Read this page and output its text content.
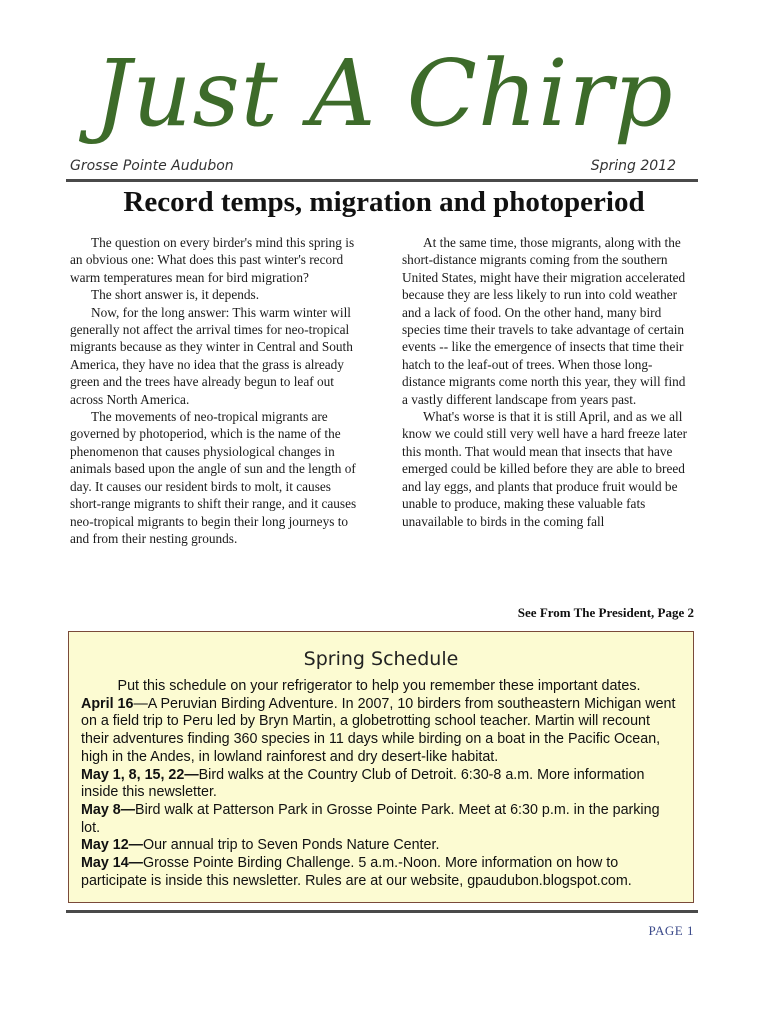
Just A Chirp
Grosse Pointe Audubon	Spring 2012
Record temps, migration and photoperiod

The question on every birder's mind this spring is an obvious one: What does this past winter's record warm temperatures mean for bird migration?

The short answer is, it depends.

Now, for the long answer: This warm winter will generally not affect the arrival times for neo-tropical migrants because as they winter in Central and South America, they have no idea that the grass is already green and the trees have already begun to leaf out across North America.

The movements of neo-tropical migrants are governed by photoperiod, which is the name of the phenomenon that causes physiological changes in animals based upon the angle of sun and the length of day. It causes our resident birds to molt, it causes short-range migrants to shift their range, and it causes neo-tropical migrants to begin their long journeys to and from their nesting grounds.

At the same time, those migrants, along with the short-distance migrants coming from the southern United States, might have their migration accelerated because they are less likely to run into cold weather and a lack of food. On the other hand, many bird species time their travels to take advantage of certain events -- like the emergence of insects that time their hatch to the leaf-out of trees. When those long-distance migrants come north this year, they will find a vastly different landscape from years past.

What's worse is that it is still April, and as we all know we could still very well have a hard freeze later this month. That would mean that insects that have emerged could be killed before they are able to breed and lay eggs, and plants that produce fruit would be unable to produce, making these valuable fats unavailable to birds in the coming fall

See From The President, Page 2
Spring Schedule

Put this schedule on your refrigerator to help you remember these important dates.

April 16—A Peruvian Birding Adventure. In 2007, 10 birders from southeastern Michigan went on a field trip to Peru led by Bryn Martin, a globetrotting school teacher. Martin will recount their adventures finding 360 species in 11 days while birding on a boat in the Pacific Ocean, high in the Andes, in lowland rainforest and dry desert-like habitat.

May 1, 8, 15, 22—Bird walks at the Country Club of Detroit. 6:30-8 a.m. More information inside this newsletter.

May 8—Bird walk at Patterson Park in Grosse Pointe Park. Meet at 6:30 p.m. in the parking lot.

May 12—Our annual trip to Seven Ponds Nature Center.

May 14—Grosse Pointe Birding Challenge. 5 a.m.-Noon. More information on how to participate is inside this newsletter. Rules are at our website, gpaudubon.blogspot.com.

PAGE 1
